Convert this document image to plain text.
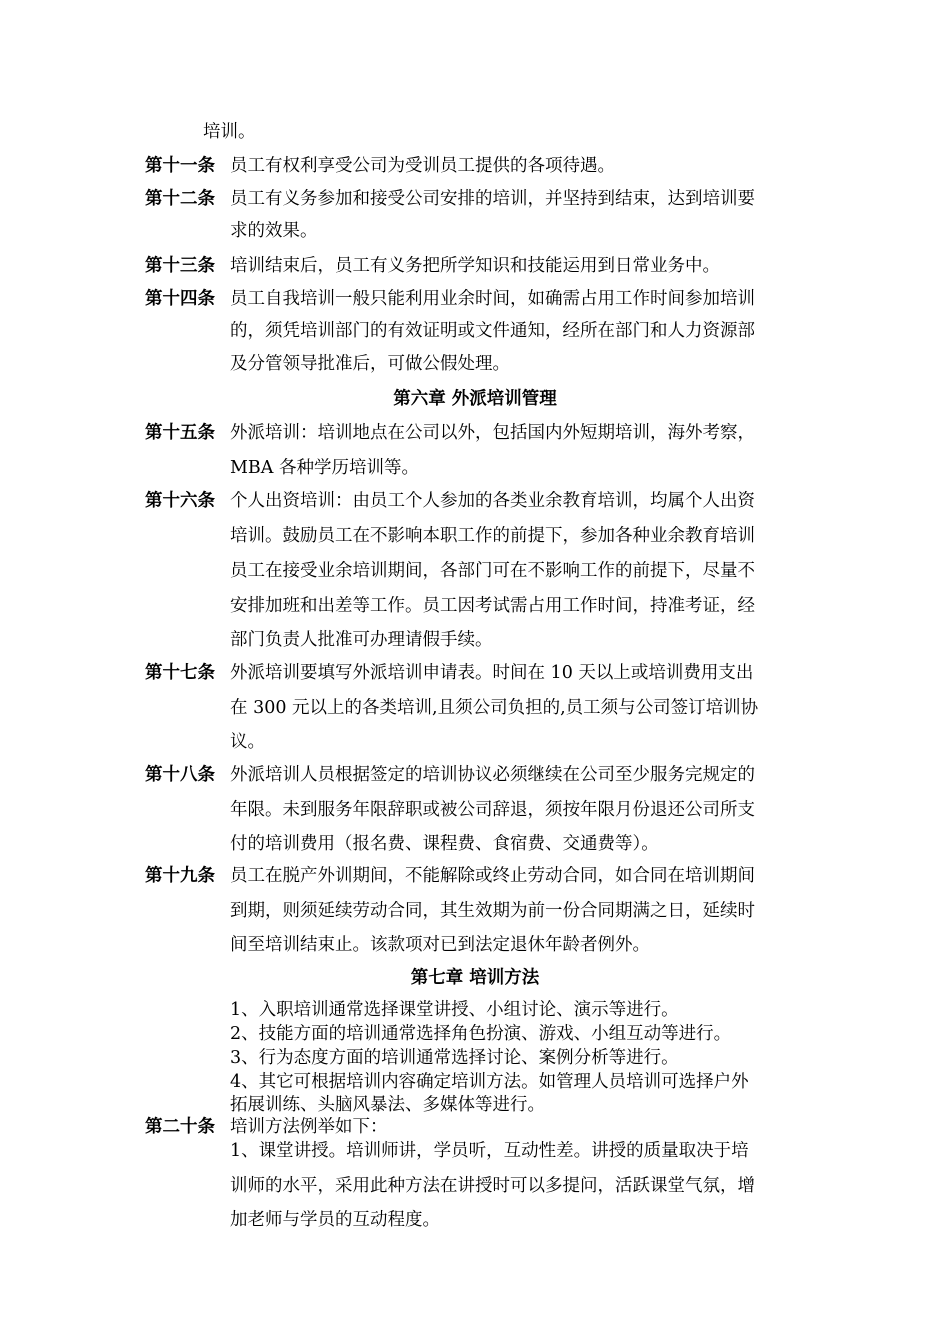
培训。
第十一条 员工有权利享受公司为受训员工提供的各项待遇。
第十二条 员工有义务参加和接受公司安排的培训，并坚持到结束，达到培训要
求的效果。
第十三条 培训结束后，员工有义务把所学知识和技能运用到日常业务中。
第十四条 员工自我培训一般只能利用业余时间，如确需占用工作时间参加培训
的，须凭培训部门的有效证明或文件通知，经所在部门和人力资源部
及分管领导批准后，可做公假处理。
第六章 外派培训管理
第十五条 外派培训：培训地点在公司以外，包括国内外短期培训，海外考察，
MBA 各种学历培训等。
第十六条 个人出资培训：由员工个人参加的各类业余教育培训，均属个人出资
培训。鼓励员工在不影响本职工作的前提下，参加各种业余教育培训
员工在接受业余培训期间，各部门可在不影响工作的前提下，尽量不
安排加班和出差等工作。员工因考试需占用工作时间，持准考证，经
部门负责人批准可办理请假手续。
第十七条 外派培训要填写外派培训申请表。时间在 10 天以上或培训费用支出
在 300 元以上的各类培训,且须公司负担的,员工须与公司签订培训协
议。
第十八条 外派培训人员根据签定的培训协议必须继续在公司至少服务完规定的
年限。未到服务年限辞职或被公司辞退，须按年限月份退还公司所支
付的培训费用（报名费、课程费、食宿费、交通费等）。
第十九条 员工在脱产外训期间，不能解除或终止劳动合同，如合同在培训期间
到期，则须延续劳动合同，其生效期为前一份合同期满之日，延续时
间至培训结束止。该款项对已到法定退休年龄者例外。
第七章 培训方法
1、入职培训通常选择课堂讲授、小组讨论、演示等进行。
2、技能方面的培训通常选择角色扮演、游戏、小组互动等进行。
3、行为态度方面的培训通常选择讨论、案例分析等进行。
4、其它可根据培训内容确定培训方法。如管理人员培训可选择户外
拓展训练、头脑风暴法、多媒体等进行。
第二十条 培训方法例举如下：
1、课堂讲授。培训师讲，学员听，互动性差。讲授的质量取决于培
训师的水平，采用此种方法在讲授时可以多提问，活跃课堂气氛，增
加老师与学员的互动程度。
